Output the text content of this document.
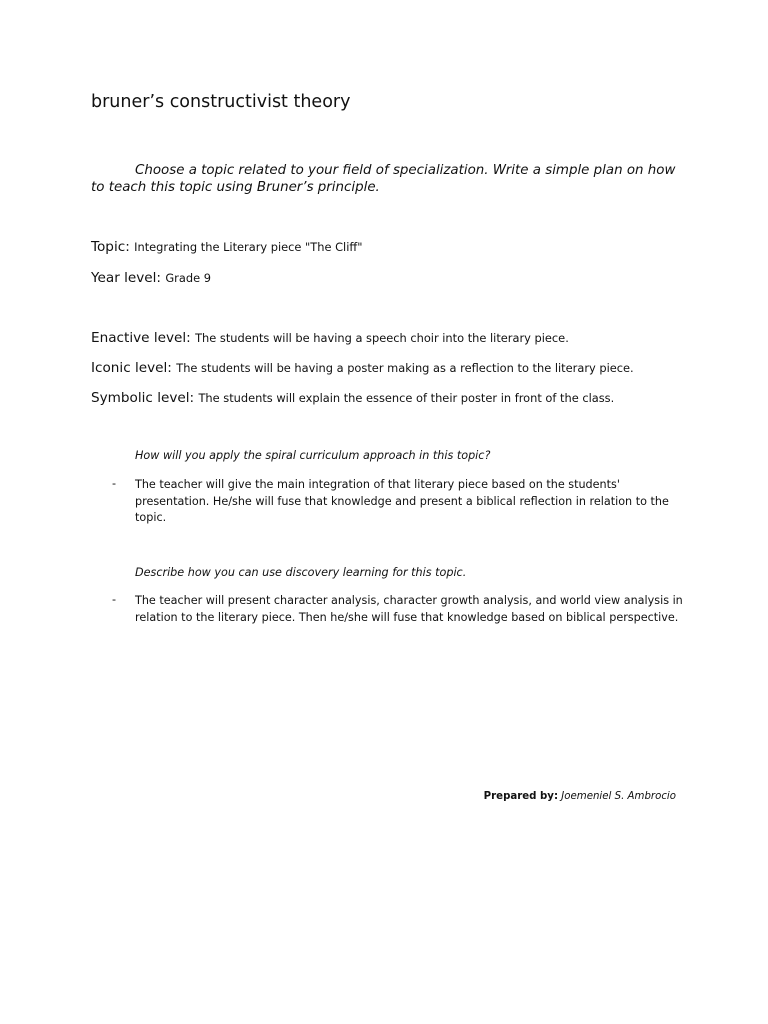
bruner’s constructivist theory
Choose a topic related to your field of specialization. Write a simple plan on how to teach this topic using Bruner’s principle.
Topic: Integrating the Literary piece "The Cliff"
Year level: Grade 9
Enactive level: The students will be having a speech choir into the literary piece.
Iconic level: The students will be having a poster making as a reflection to the literary piece.
Symbolic level: The students will explain the essence of their poster in front of the class.
How will you apply the spiral curriculum approach in this topic?
- The teacher will give the main integration of that literary piece based on the students' presentation. He/she will fuse that knowledge and present a biblical reflection in relation to the topic.
Describe how you can use discovery learning for this topic.
- The teacher will present character analysis, character growth analysis, and world view analysis in relation to the literary piece. Then he/she will fuse that knowledge based on biblical perspective.
Prepared by: Joemeniel S. Ambrocio
